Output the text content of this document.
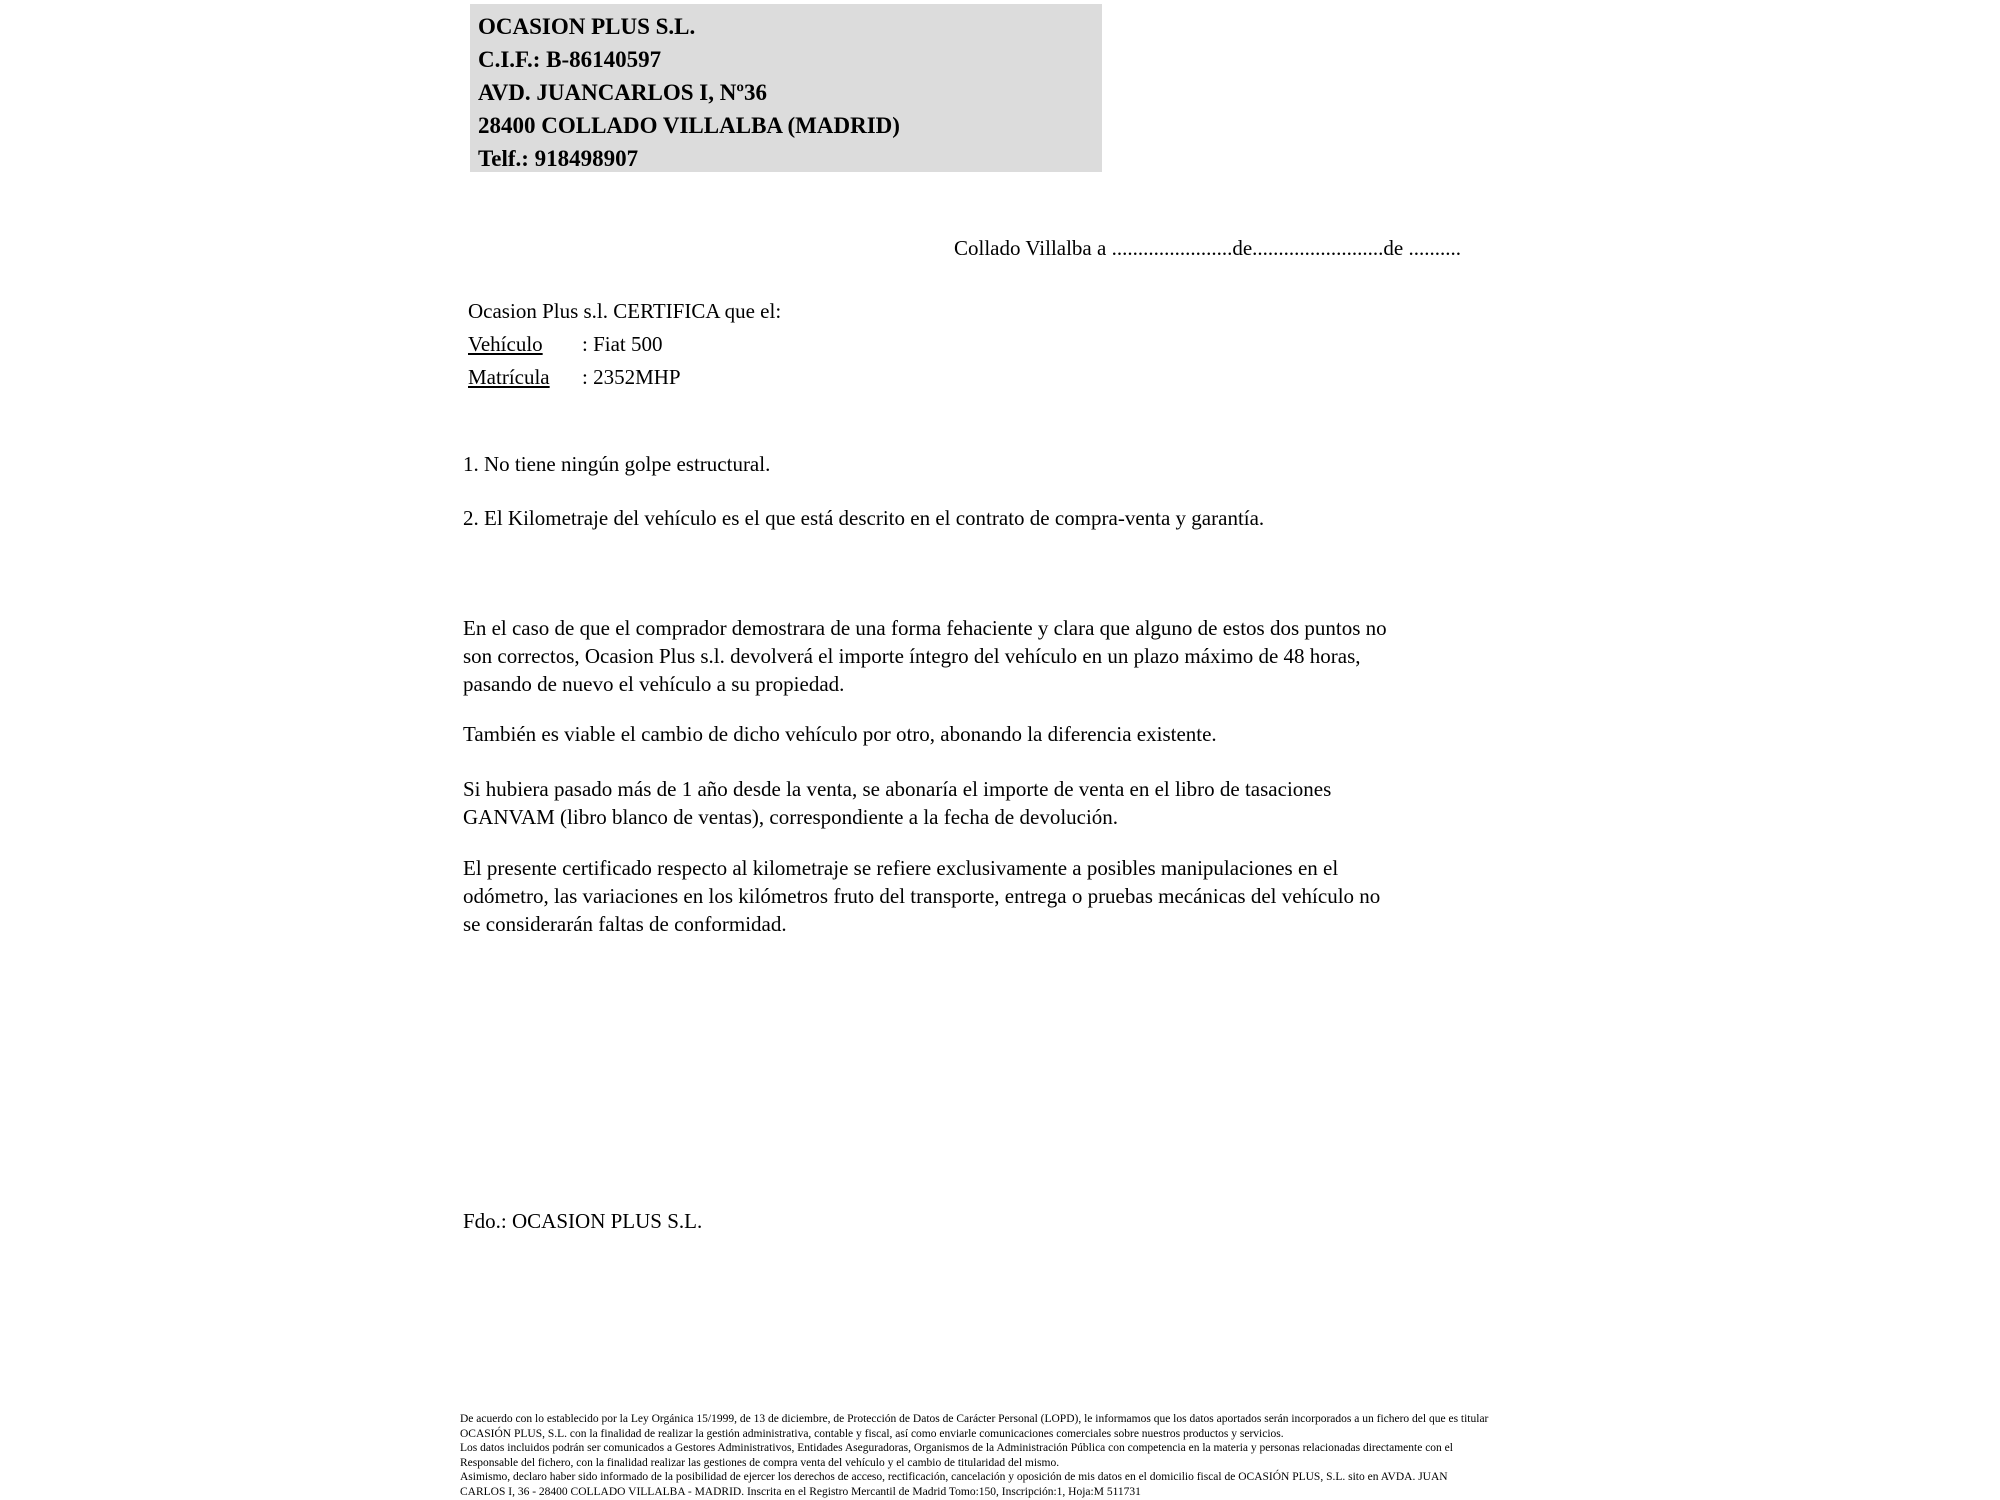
OCASION PLUS S.L.
C.I.F.: B-86140597
AVD. JUANCARLOS I, Nº36
28400 COLLADO VILLALBA (MADRID)
Telf.: 918498907
Collado Villalba a .......................de.........................de ..........
Ocasion Plus s.l. CERTIFICA que el:
Vehículo : Fiat 500
Matrícula : 2352MHP
1. No tiene ningún golpe estructural.
2. El Kilometraje del vehículo es el que está descrito en el contrato de compra-venta y garantía.
En el caso de que el comprador demostrara de una forma fehaciente y clara que alguno de estos dos puntos no
son correctos, Ocasion Plus s.l. devolverá el importe íntegro del vehículo en un plazo máximo de 48 horas,
pasando de nuevo el vehículo a su propiedad.
También es viable el cambio de dicho vehículo por otro, abonando la diferencia existente.
Si hubiera pasado más de 1 año desde la venta, se abonaría el importe de venta en el libro de tasaciones
GANVAM (libro blanco de ventas), correspondiente a la fecha de devolución.
El presente certificado respecto al kilometraje se refiere exclusivamente a posibles manipulaciones en el
odómetro, las variaciones en los kilómetros fruto del transporte, entrega o pruebas mecánicas del vehículo no
se considerarán faltas de conformidad.
Fdo.: OCASION PLUS S.L.
De acuerdo con lo establecido por la Ley Orgánica 15/1999, de 13 de diciembre, de Protección de Datos de Carácter Personal (LOPD), le informamos que los datos aportados serán incorporados a un fichero del que es titular
OCASIÓN PLUS, S.L. con la finalidad de realizar la gestión administrativa, contable y fiscal, así como enviarle comunicaciones comerciales sobre nuestros productos y servicios.
Los datos incluidos podrán ser comunicados a Gestores Administrativos, Entidades Aseguradoras, Organismos de la Administración Pública con competencia en la materia y personas relacionadas directamente con el
Responsable del fichero, con la finalidad realizar las gestiones de compra venta del vehículo y el cambio de titularidad del mismo.
Asimismo, declaro haber sido informado de la posibilidad de ejercer los derechos de acceso, rectificación, cancelación y oposición de mis datos en el domicilio fiscal de OCASIÓN PLUS, S.L. sito en AVDA. JUAN
CARLOS I, 36 - 28400 COLLADO VILLALBA - MADRID. Inscrita en el Registro Mercantil de Madrid Tomo:150, Inscripción:1, Hoja:M 511731
